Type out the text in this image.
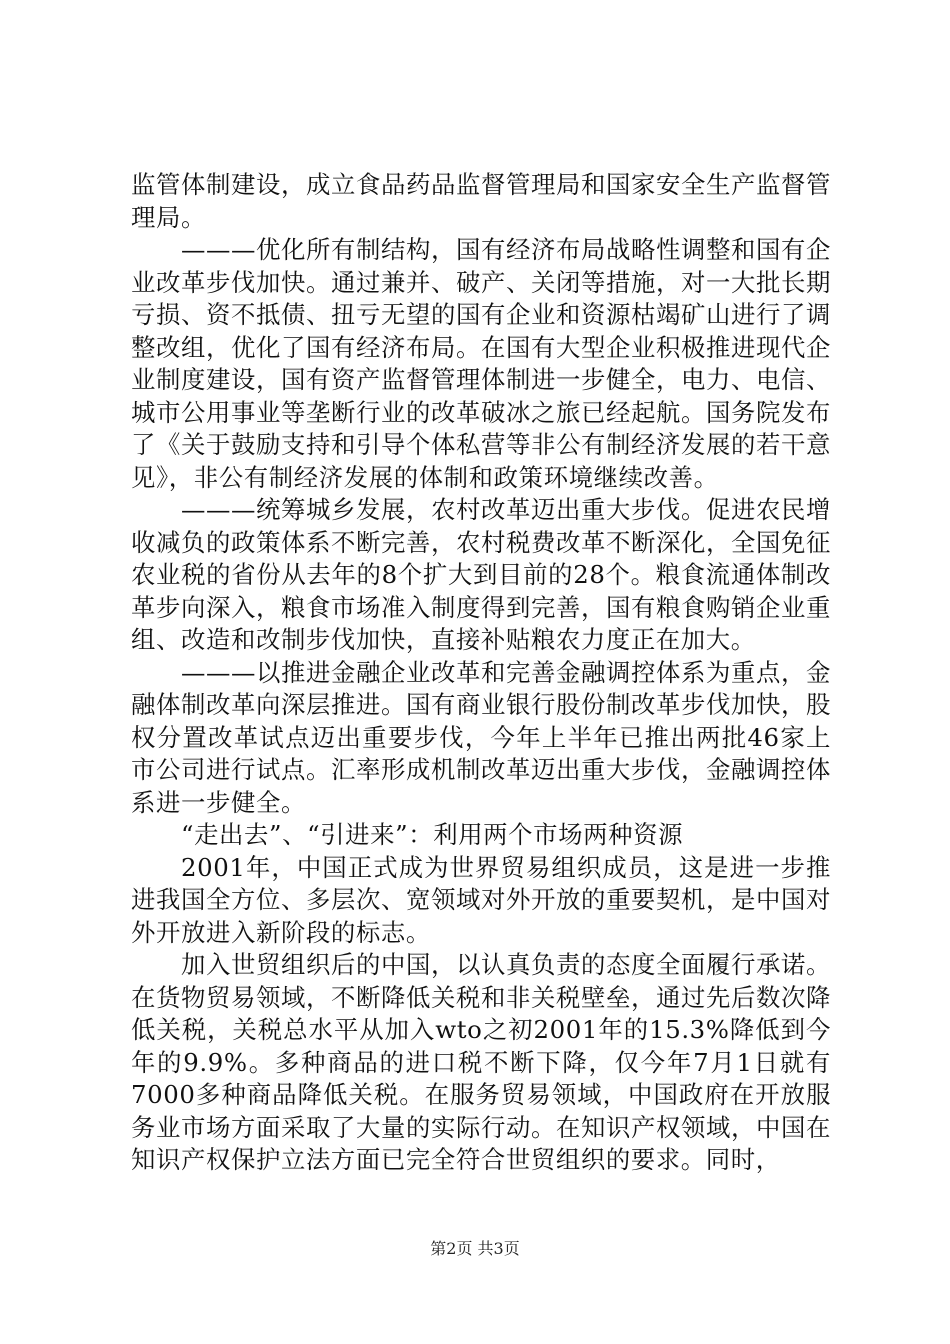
监管体制建设，成立食品药品监督管理局和国家安全生产监督管理局。

———优化所有制结构，国有经济布局战略性调整和国有企业改革步伐加快。通过兼并、破产、关闭等措施，对一大批长期亏损、资不抵债、扭亏无望的国有企业和资源枯竭矿山进行了调整改组，优化了国有经济布局。在国有大型企业积极推进现代企业制度建设，国有资产监督管理体制进一步健全，电力、电信、城市公用事业等垄断行业的改革破冰之旅已经起航。国务院发布了《关于鼓励支持和引导个体私营等非公有制经济发展的若干意见》，非公有制经济发展的体制和政策环境继续改善。

———统筹城乡发展，农村改革迈出重大步伐。促进农民增收减负的政策体系不断完善，农村税费改革不断深化，全国免征农业税的省份从去年的8个扩大到目前的28个。粮食流通体制改革步向深入，粮食市场准入制度得到完善，国有粮食购销企业重组、改造和改制步伐加快，直接补贴粮农力度正在加大。

———以推进金融企业改革和完善金融调控体系为重点，金融体制改革向深层推进。国有商业银行股份制改革步伐加快，股权分置改革试点迈出重要步伐，今年上半年已推出两批46家上市公司进行试点。汇率形成机制改革迈出重大步伐，金融调控体系进一步健全。

“走出去”、“引进来”：利用两个市场两种资源

2001年，中国正式成为世界贸易组织成员，这是进一步推进我国全方位、多层次、宽领域对外开放的重要契机，是中国对外开放进入新阶段的标志。

加入世贸组织后的中国，以认真负责的态度全面履行承诺。在货物贸易领域，不断降低关税和非关税壁垒，通过先后数次降低关税，关税总水平从加入wto之初2001年的15.3%降低到今年的9.9%。多种商品的进口税不断下降，仅今年7月1日就有7000多种商品降低关税。在服务贸易领域，中国政府在开放服务业市场方面采取了大量的实际行动。在知识产权领域，中国在知识产权保护立法方面已完全符合世贸组织的要求。同时，

第2页 共3页
